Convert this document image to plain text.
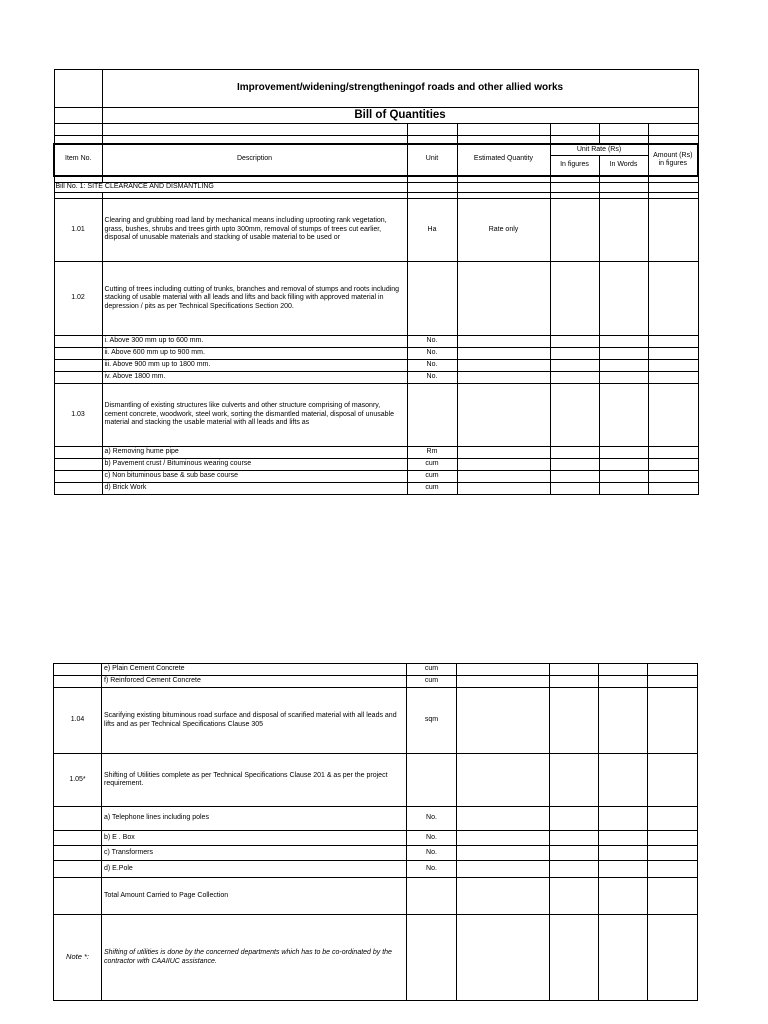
	Improvement/widening/strengtheningof roads and other allied works					
	Bill of Quantities					

Item No.	Description	Unit	Estimated Quantity	Unit Rate (Rs)		Amount (Rs) in figures
				In figures	In Words	

Bill No. 1: SITE CLEARANCE AND DISMANTLING						

1.01	Clearing and grubbing road land by mechanical means including uprooting rank vegetation, grass, bushes, shrubs and trees girth upto 300mm, removal of stumps of trees cut earlier, disposal of unusable materials and stacking of usable material to be used or	Ha	Rate only			
1.02	Cutting of trees including cutting of trunks, branches and removal of stumps and roots including stacking of usable material with all leads and lifts and back filling with approved material in depression / pits as per Technical Specifications Section 200.					
	i. Above 300 mm up to 600 mm.	No.				
	ii. Above 600 mm up to 900 mm.	No.				
	iii. Above 900 mm up to 1800 mm.	No.				
	iv. Above 1800 mm.	No.				
1.03	Dismantling of existing structures like culverts and other structure comprising of masonry, cement concrete, woodwork, steel work, sorting the dismantled material, disposal of unusable material and stacking the usable material with all leads and lifts as					
	a) Removing hume pipe	Rm				
	b) Pavement crust / Bituminous wearing course	cum				
	c) Non bituminous base & sub base course	cum				
	d) Brick Work	cum				
	e) Plain Cement Concrete	cum				
	f) Reinforced Cement Concrete	cum				
1.04	Scarifying existing bituminous road surface and disposal of scarified material with all leads and lifts and as per Technical Specifications Clause 305	sqm				
1.05*	Shifting of Utilities complete as per Technical Specifications Clause 201 & as per the project requirement.					
	a) Telephone lines including poles	No.				
	b) E . Box	No.				
	c) Transformers	No.				
	d) E.Pole	No.				
	Total Amount Carried to Page Collection					
Note *:	Shifting of utilities is done by the concerned departments which has to be co-ordinated by the contractor with CAAIIUC assistance.					
